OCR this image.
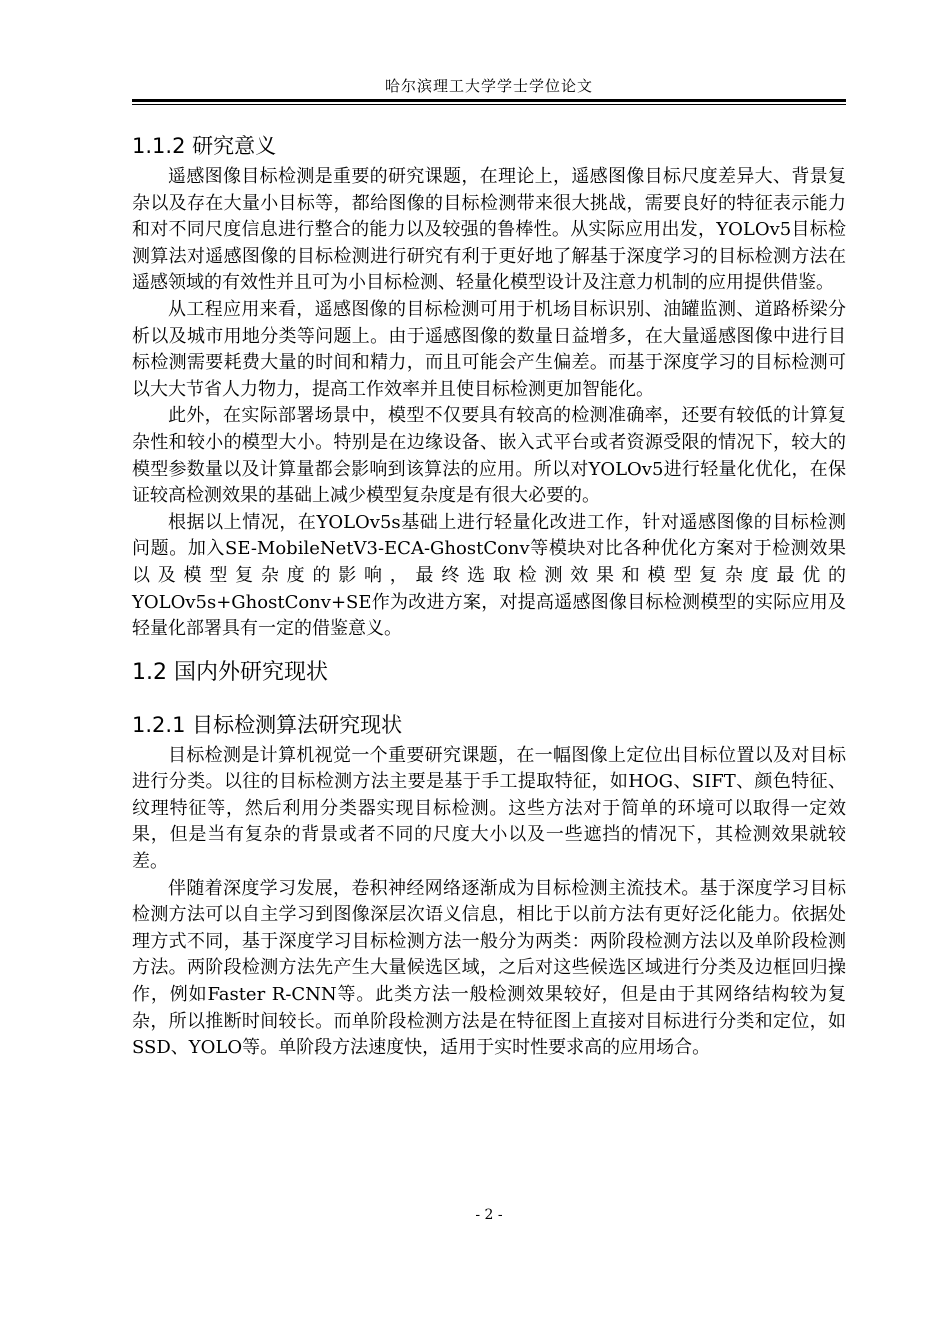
哈尔滨理工大学学士学位论文
1.1.2 研究意义

遥感图像目标检测是重要的研究课题，在理论上，遥感图像目标尺度差异大、背景复杂以及存在大量小目标等，都给图像的目标检测带来很大挑战，需要良好的特征表示能力和对不同尺度信息进行整合的能力以及较强的鲁棒性。从实际应用出发，YOLOv5目标检测算法对遥感图像的目标检测进行研究有利于更好地了解基于深度学习的目标检测方法在遥感领域的有效性并且可为小目标检测、轻量化模型设计及注意力机制的应用提供借鉴。

从工程应用来看，遥感图像的目标检测可用于机场目标识别、油罐监测、道路桥梁分析以及城市用地分类等问题上。由于遥感图像的数量日益增多，在大量遥感图像中进行目标检测需要耗费大量的时间和精力，而且可能会产生偏差。而基于深度学习的目标检测可以大大节省人力物力，提高工作效率并且使目标检测更加智能化。

此外，在实际部署场景中，模型不仅要具有较高的检测准确率，还要有较低的计算复杂性和较小的模型大小。特别是在边缘设备、嵌入式平台或者资源受限的情况下，较大的模型参数量以及计算量都会影响到该算法的应用。所以对YOLOv5进行轻量化优化，在保证较高检测效果的基础上减少模型复杂度是有很大必要的。

根据以上情况，在YOLOv5s基础上进行轻量化改进工作，针对遥感图像的目标检测问题。加入SE-MobileNetV3-ECA-GhostConv等模块对比各种优化方案对于检测效果以及模型复杂度的影响，最终选取检测效果和模型复杂度最优的YOLOv5s+GhostConv+SE作为改进方案，对提高遥感图像目标检测模型的实际应用及轻量化部署具有一定的借鉴意义。

1.2 国内外研究现状
1.2.1 目标检测算法研究现状

目标检测是计算机视觉一个重要研究课题，在一幅图像上定位出目标位置以及对目标进行分类。以往的目标检测方法主要是基于手工提取特征，如HOG、SIFT、颜色特征、纹理特征等，然后利用分类器实现目标检测。这些方法对于简单的环境可以取得一定效果，但是当有复杂的背景或者不同的尺度大小以及一些遮挡的情况下，其检测效果就较差。

伴随着深度学习发展，卷积神经网络逐渐成为目标检测主流技术。基于深度学习目标检测方法可以自主学习到图像深层次语义信息，相比于以前方法有更好泛化能力。依据处理方式不同，基于深度学习目标检测方法一般分为两类：两阶段检测方法以及单阶段检测方法。两阶段检测方法先产生大量候选区域，之后对这些候选区域进行分类及边框回归操作，例如Faster R-CNN等。此类方法一般检测效果较好，但是由于其网络结构较为复杂，所以推断时间较长。而单阶段检测方法是在特征图上直接对目标进行分类和定位，如SSD、YOLO等。单阶段方法速度快，适用于实时性要求高的应用场合。

- 2 -
